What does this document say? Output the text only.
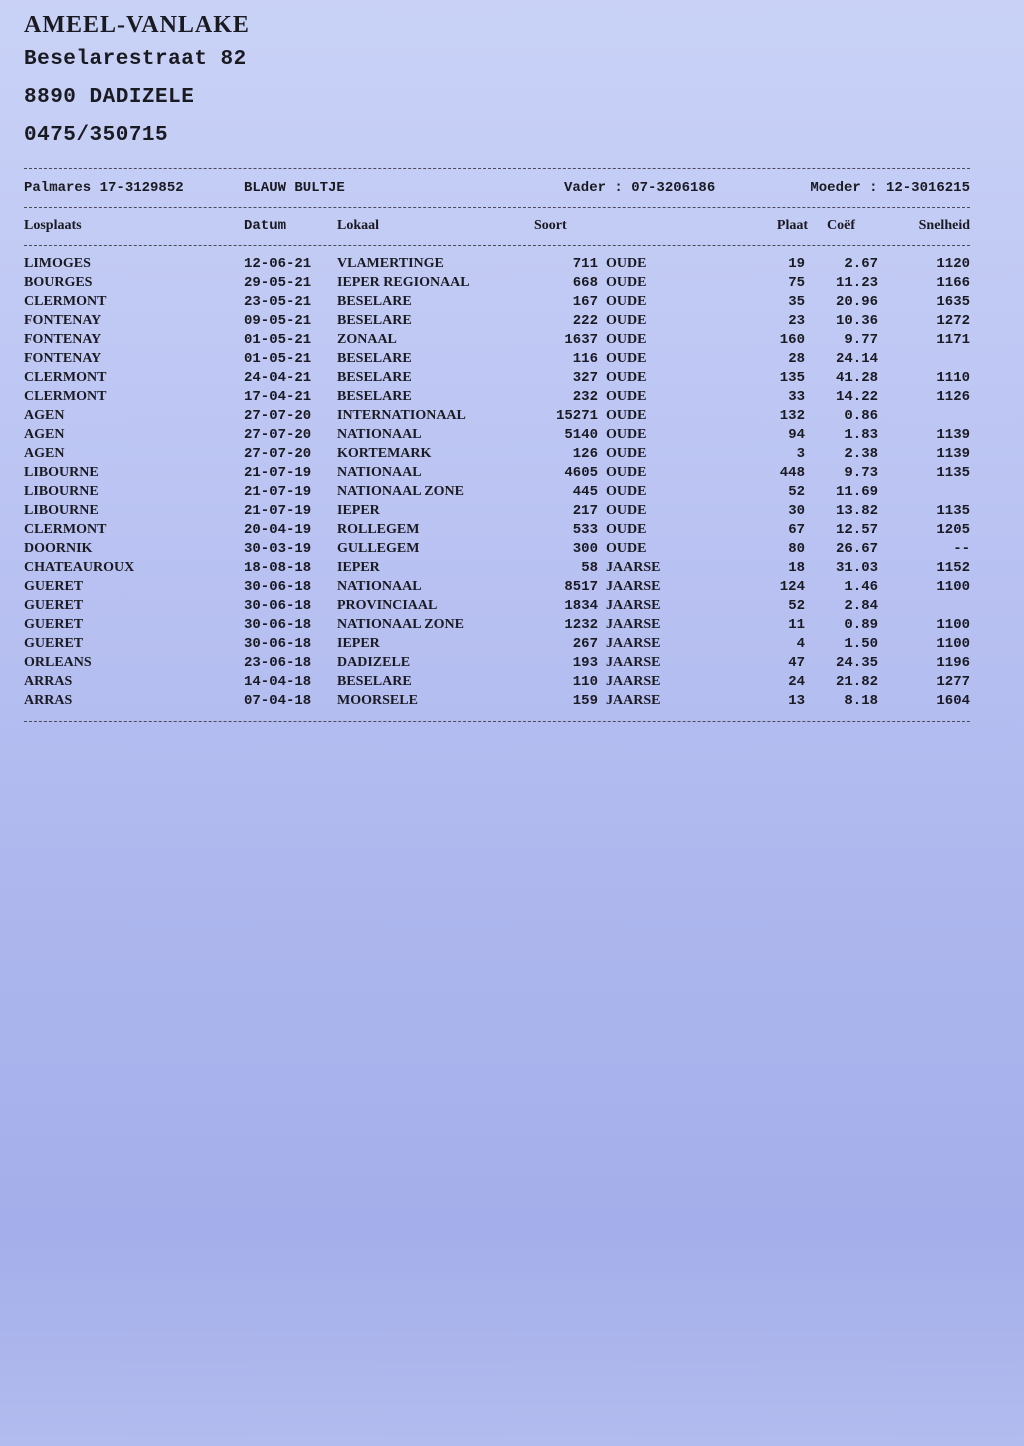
AMEEL-VANLAKE
Beselarestraat 82
8890 DADIZELE
0475/350715
Palmares 17-3129852	BLAUW BULTJE	Vader : 07-3206186	Moeder : 12-3016215
Losplaats	Datum	Lokaal	Soort	Plaat Coëf	Snelheid
LIMOGES	12-06-21 VLAMERTINGE	711 OUDE	19	2.67	1120
BOURGES	29-05-21 IEPER REGIONAAL	668 OUDE	75 11.23	1166
CLERMONT	23-05-21 BESELARE	167 OUDE	35 20.96	1635
FONTENAY	09-05-21 BESELARE	222 OUDE	23 10.36	1272
FONTENAY	01-05-21 ZONAAL	1637 OUDE	160	9.77	1171
FONTENAY	01-05-21 BESELARE	116 OUDE	28 24.14
CLERMONT	24-04-21 BESELARE	327 OUDE	135 41.28	1110
CLERMONT	17-04-21 BESELARE	232 OUDE	33 14.22	1126
AGEN	27-07-20 INTERNATIONAAL	15271 OUDE	132	0.86
AGEN	27-07-20 NATIONAAL	5140 OUDE	94	1.83	1139
AGEN	27-07-20 KORTEMARK	126 OUDE	3	2.38	1139
LIBOURNE	21-07-19 NATIONAAL	4605 OUDE	448	9.73	1135
LIBOURNE	21-07-19 NATIONAAL ZONE	445 OUDE	52 11.69
LIBOURNE	21-07-19 IEPER	217 OUDE	30 13.82	1135
CLERMONT	20-04-19 ROLLEGEM	533 OUDE	67 12.57	1205
DOORNIK	30-03-19 GULLEGEM	300 OUDE	80 26.67	--
CHATEAUROUX	18-08-18 IEPER	58 JAARSE	18 31.03	1152
GUERET	30-06-18 NATIONAAL	8517 JAARSE	124	1.46	1100
GUERET	30-06-18 PROVINCIAAL	1834 JAARSE	52	2.84
GUERET	30-06-18 NATIONAAL ZONE	1232 JAARSE	11	0.89	1100
GUERET	30-06-18 IEPER	267 JAARSE	4	1.50	1100
ORLEANS	23-06-18 DADIZELE	193 JAARSE	47 24.35	1196
ARRAS	14-04-18 BESELARE	110 JAARSE	24 21.82	1277
ARRAS	07-04-18 MOORSELE	159 JAARSE	13	8.18	1604
